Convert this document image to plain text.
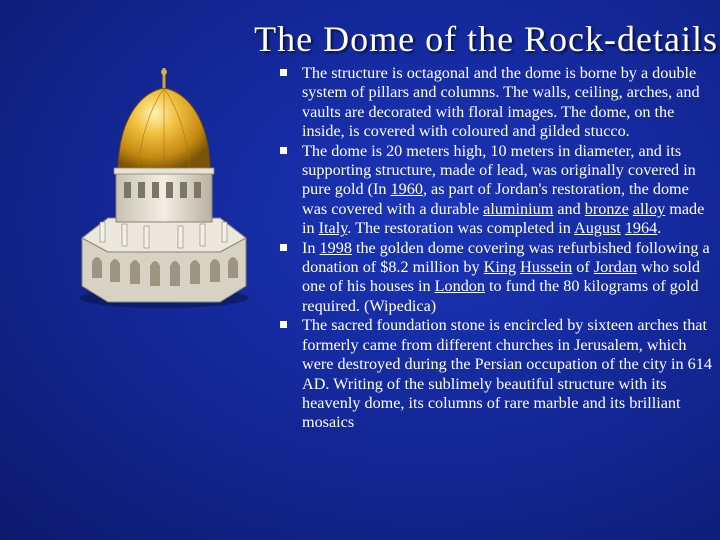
The Dome of the Rock-details
The structure is octagonal and the dome is borne by a double system of pillars and columns. The walls, ceiling, arches, and vaults are decorated with floral images. The dome, on the inside, is covered with coloured and gilded stucco.
The dome is 20 meters high, 10 meters in diameter, and its supporting structure, made of lead, was originally covered in pure gold (In 1960, as part of Jordan's restoration, the dome was covered with a durable aluminium and bronze alloy made in Italy. The restoration was completed in August 1964.
In 1998 the golden dome covering was refurbished following a donation of $8.2 million by King Hussein of Jordan who sold one of his houses in London to fund the 80 kilograms of gold required. (Wipedica)
The sacred foundation stone is encircled by sixteen arches that formerly came from different churches in Jerusalem, which were destroyed during the Persian occupation of the city in 614 AD. Writing of the sublimely beautiful structure with its heavenly dome, its columns of rare marble and its brilliant mosaics
